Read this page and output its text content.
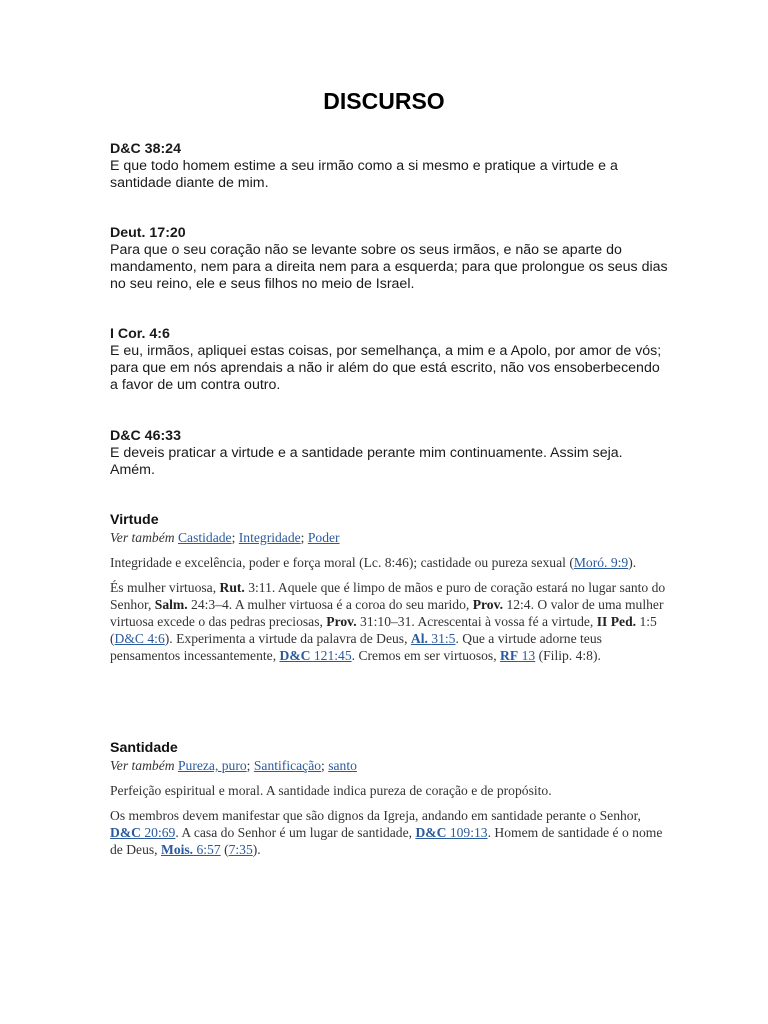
DISCURSO
D&C 38:24
E que todo homem estime a seu irmão como a si mesmo e pratique a virtude e a santidade diante de mim.
Deut. 17:20
Para que o seu coração não se levante sobre os seus irmãos, e não se aparte do mandamento, nem para a direita nem para a esquerda; para que prolongue os seus dias no seu reino, ele e seus filhos no meio de Israel.
I Cor. 4:6
E eu, irmãos, apliquei estas coisas, por semelhança, a mim e a Apolo, por amor de vós; para que em nós aprendais a não ir além do que está escrito, não vos ensoberbecendo a favor de um contra outro.
D&C 46:33
E deveis praticar a virtude e a santidade perante mim continuamente. Assim seja. Amém.
Virtude
Ver também Castidade; Integridade; Poder

Integridade e excelência, poder e força moral (Lc. 8:46); castidade ou pureza sexual (Moró. 9:9).

És mulher virtuosa, Rut. 3:11. Aquele que é limpo de mãos e puro de coração estará no lugar santo do Senhor, Salm. 24:3–4. A mulher virtuosa é a coroa do seu marido, Prov. 12:4. O valor de uma mulher virtuosa excede o das pedras preciosas, Prov. 31:10–31. Acrescentai à vossa fé a virtude, II Ped. 1:5 (D&C 4:6). Experimenta a virtude da palavra de Deus, Al. 31:5. Que a virtude adorne teus pensamentos incessantemente, D&C 121:45. Cremos em ser virtuosos, RF 13 (Filip. 4:8).

Santidade
Ver também Pureza, puro; Santificação; santo

Perfeição espiritual e moral. A santidade indica pureza de coração e de propósito.

Os membros devem manifestar que são dignos da Igreja, andando em santidade perante o Senhor, D&C 20:69. A casa do Senhor é um lugar de santidade, D&C 109:13. Homem de santidade é o nome de Deus, Mois. 6:57 (7:35).
